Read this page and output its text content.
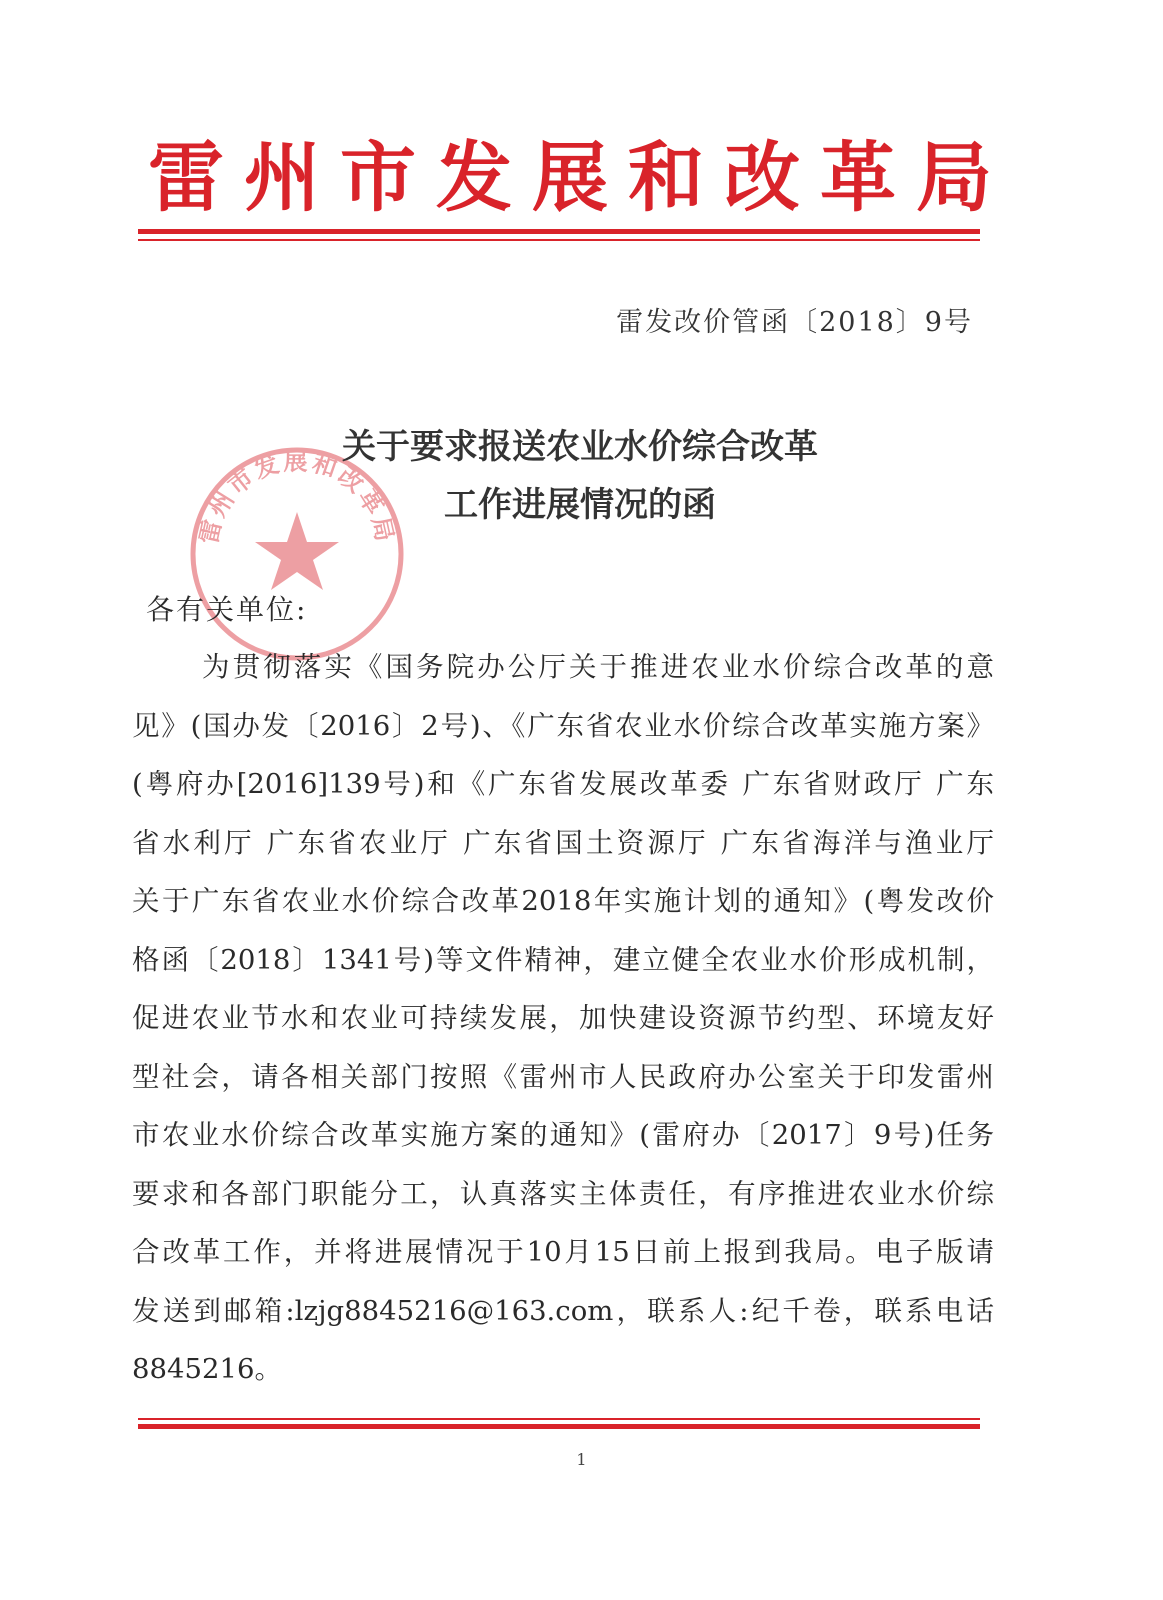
雷州市发展和改革局
雷发改价管函〔2018〕9号
雷州市发展和改革局
关于要求报送农业水价综合改革
工作进展情况的函
各有关单位:
为贯彻落实《国务院办公厅关于推进农业水价综合改革的意
见》(国办发〔2016〕2号)、《广东省农业水价综合改革实施方案》
(粤府办[2016]139号)和《广东省发展改革委 广东省财政厅 广东
省水利厅 广东省农业厅 广东省国土资源厅 广东省海洋与渔业厅
关于广东省农业水价综合改革2018年实施计划的通知》(粤发改价
格函〔2018〕1341号)等文件精神，建立健全农业水价形成机制，
促进农业节水和农业可持续发展，加快建设资源节约型、环境友好
型社会，请各相关部门按照《雷州市人民政府办公室关于印发雷州
市农业水价综合改革实施方案的通知》(雷府办〔2017〕9号)任务
要求和各部门职能分工，认真落实主体责任，有序推进农业水价综
合改革工作，并将进展情况于10月15日前上报到我局。电子版请
发送到邮箱:lzjg8845216@163.com，联系人:纪千卷，联系电话
8845216。
1
